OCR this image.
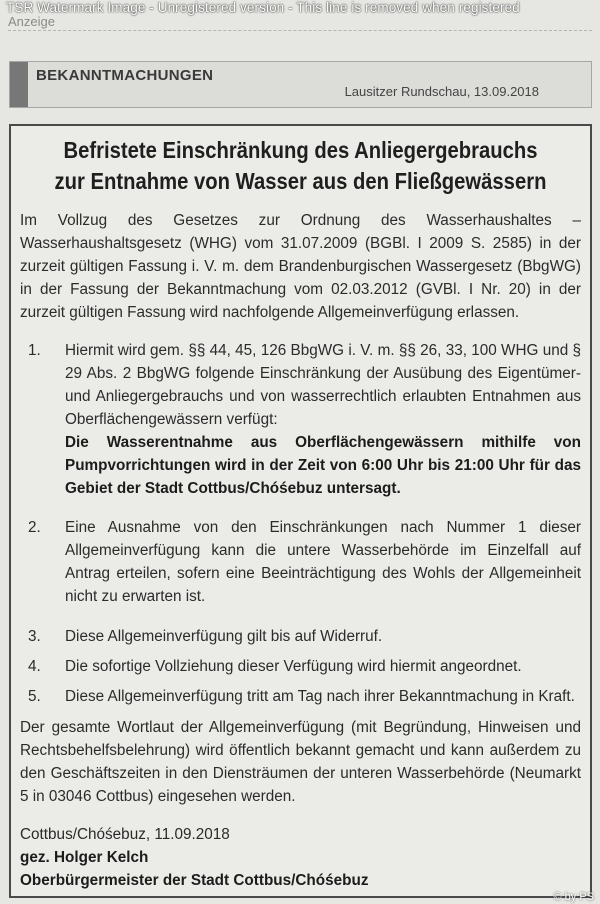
TSR Watermark Image - Unregistered version - This line is removed when registered
Anzeige
BEKANNTMACHUNGEN
Lausitzer Rundschau, 13.09.2018
Befristete Einschränkung des Anliegergebrauchs zur Entnahme von Wasser aus den Fließgewässern
Im Vollzug des Gesetzes zur Ordnung des Wasserhaushaltes – Wasserhaushaltsgesetz (WHG) vom 31.07.2009 (BGBl. I 2009 S. 2585) in der zurzeit gültigen Fassung i. V. m. dem Brandenburgischen Wassergesetz (BbgWG) in der Fassung der Bekanntmachung vom 02.03.2012 (GVBl. I Nr. 20) in der zurzeit gültigen Fassung wird nachfolgende Allgemeinverfügung erlassen.
1. Hiermit wird gem. §§ 44, 45, 126 BbgWG i. V. m. §§ 26, 33, 100 WHG und § 29 Abs. 2 BbgWG folgende Einschränkung der Ausübung des Eigentümer- und Anliegergebrauchs und von wasserrechtlich erlaubten Entnahmen aus Oberflächengewässern verfügt:
Die Wasserentnahme aus Oberflächengewässern mithilfe von Pumpvorrichtungen wird in der Zeit von 6:00 Uhr bis 21:00 Uhr für das Gebiet der Stadt Cottbus/Chóśebuz untersagt.
2. Eine Ausnahme von den Einschränkungen nach Nummer 1 dieser Allgemeinverfügung kann die untere Wasserbehörde im Einzelfall auf Antrag erteilen, sofern eine Beeinträchtigung des Wohls der Allgemeinheit nicht zu erwarten ist.
3. Diese Allgemeinverfügung gilt bis auf Widerruf.
4. Die sofortige Vollziehung dieser Verfügung wird hiermit angeordnet.
5. Diese Allgemeinverfügung tritt am Tag nach ihrer Bekanntmachung in Kraft.
Der gesamte Wortlaut der Allgemeinverfügung (mit Begründung, Hinweisen und Rechtsbehelfsbelehrung) wird öffentlich bekannt gemacht und kann außerdem zu den Geschäftszeiten in den Diensträumen der unteren Wasserbehörde (Neumarkt 5 in 03046 Cottbus) eingesehen werden.
Cottbus/Chóśebuz, 11.09.2018
gez. Holger Kelch
Oberbürgermeister der Stadt Cottbus/Chóśebuz
© by PS
